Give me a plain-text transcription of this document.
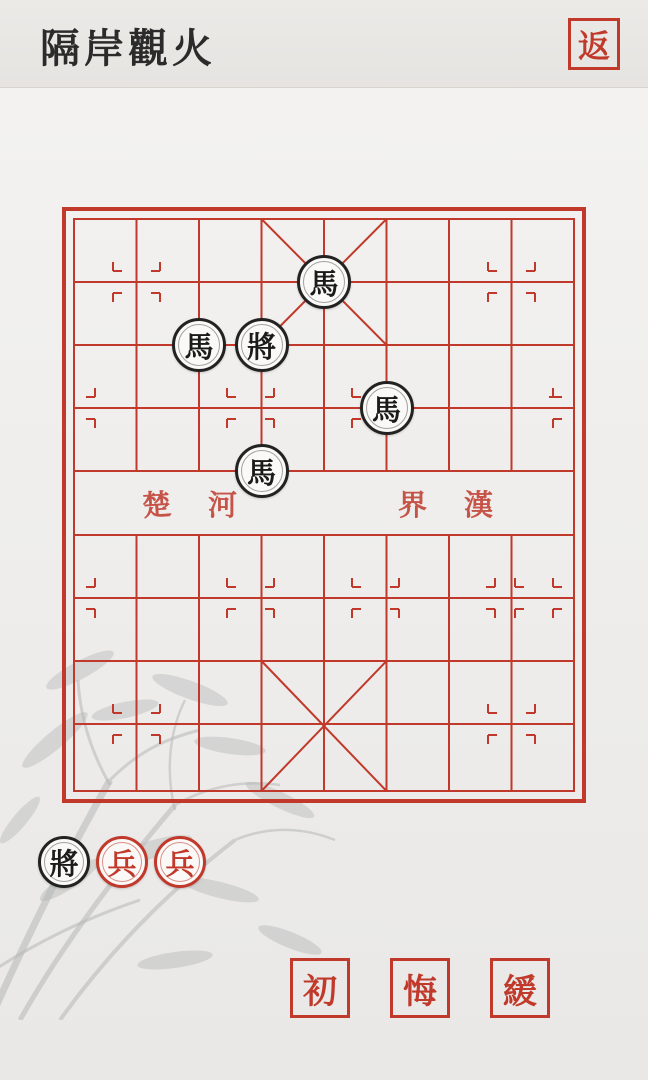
隔岸觀火	返
楚 河	界 漢
馬
馬 將
馬
馬
將 兵 兵
初	悔	緩
